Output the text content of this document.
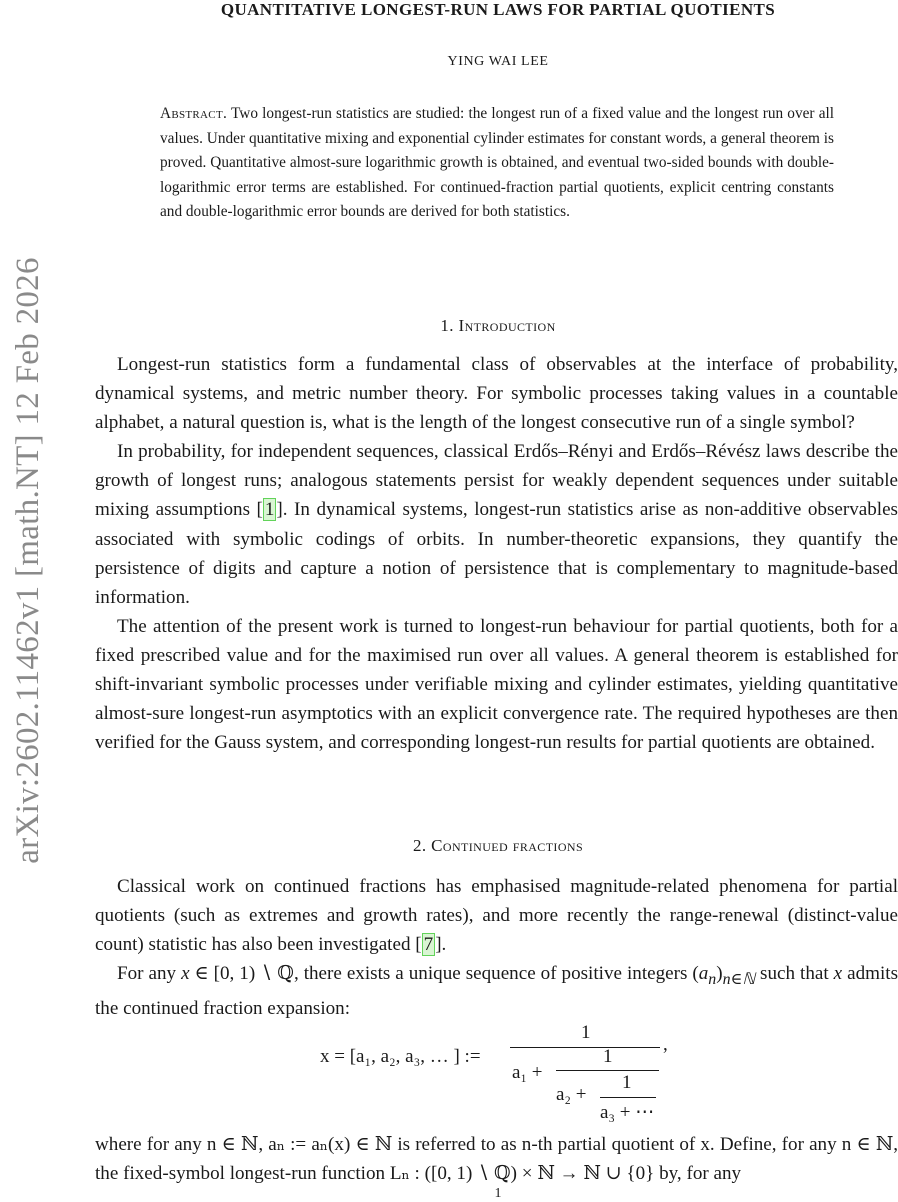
arXiv:2602.11462v1 [math.NT] 12 Feb 2026
QUANTITATIVE LONGEST-RUN LAWS FOR PARTIAL QUOTIENTS
YING WAI LEE
Abstract. Two longest-run statistics are studied: the longest run of a fixed value and the longest run over all values. Under quantitative mixing and exponential cylinder estimates for constant words, a general theorem is proved. Quantitative almost-sure logarithmic growth is obtained, and eventual two-sided bounds with double-logarithmic error terms are established. For continued-fraction partial quotients, explicit centring constants and double-logarithmic error bounds are derived for both statistics.
1. Introduction

Longest-run statistics form a fundamental class of observables at the interface of probability, dynamical systems, and metric number theory. For symbolic processes taking values in a countable alphabet, a natural question is, what is the length of the longest consecutive run of a single symbol?

In probability, for independent sequences, classical Erdős–Rényi and Erdős–Révész laws describe the growth of longest runs; analogous statements persist for weakly dependent sequences under suitable mixing assumptions [ 1 ]. In dynamical systems, longest-run statistics arise as non-additive observables associated with symbolic codings of orbits. In number-theoretic expansions, they quantify the persistence of digits and capture a notion of persistence that is complementary to magnitude-based information.

The attention of the present work is turned to longest-run behaviour for partial quotients, both for a fixed prescribed value and for the maximised run over all values. A general theorem is established for shift-invariant symbolic processes under verifiable mixing and cylinder estimates, yielding quantitative almost-sure longest-run asymptotics with an explicit convergence rate. The required hypotheses are then verified for the Gauss system, and corresponding longest-run results for partial quotients are obtained.

2. Continued fractions

Classical work on continued fractions has emphasised magnitude-related phenomena for partial quotients (such as extremes and growth rates), and more recently the range-renewal (distinct-value count) statistic has also been investigated [ 7 ].

For any x ∈ [0, 1) ∖ ℚ, there exists a unique sequence of positive integers $(a_n)_{n\in ℕ}$ such that x admits the continued fraction expansion:

x = [a₁, a₂, a₃, … ] :=
1
,
a₁ +
1
a₂ +
1
a₃ + ⋯
where for any n ∈ ℕ, aₙ := aₙ(x) ∈ ℕ is referred to as n-th partial quotient of x. Define, for any n ∈ ℕ, the fixed-symbol longest-run function Lₙ : ([0, 1) ∖ ℚ) × ℕ → ℕ ∪ {0} by, for any
1
